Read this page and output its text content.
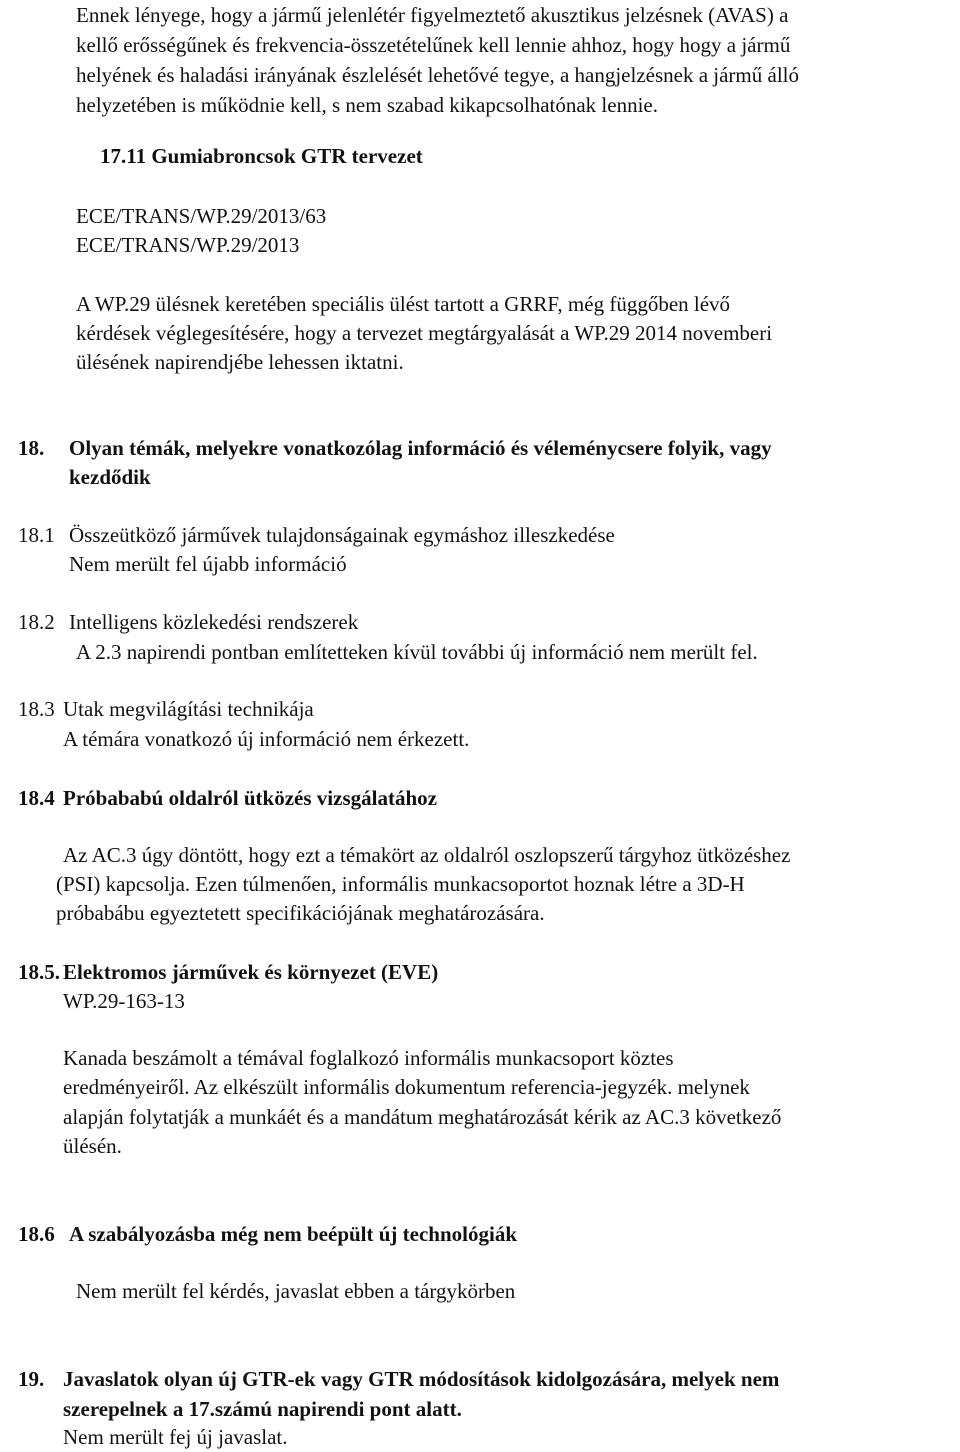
Ennek lényege, hogy a jármű jelenlétér figyelmeztető akusztikus jelzésnek (AVAS) a
kellő erősségűnek és frekvencia-összetételűnek kell lennie ahhoz, hogy hogy a jármű
helyének és haladási irányának észlelését lehetővé tegye, a hangjelzésnek a jármű álló
helyzetében is működnie kell, s nem szabad kikapcsolhatónak lennie.
17.11 Gumiabroncsok GTR tervezet
ECE/TRANS/WP.29/2013/63
ECE/TRANS/WP.29/2013
A WP.29 ülésnek keretében speciális ülést tartott a GRRF, még függőben lévő
kérdések véglegesítésére, hogy a tervezet megtárgyalását a WP.29 2014 novemberi
ülésének napirendjébe lehessen iktatni.
18. Olyan témák, melyekre vonatkozólag információ és véleménycsere folyik, vagy
kezdődik
18.1 Összeütköző járművek tulajdonságainak egymáshoz illeszkedése
Nem merült fel újabb információ
18.2 Intelligens közlekedési rendszerek
A 2.3 napirendi pontban említetteken kívül további új információ nem merült fel.
18.3 Utak megvilágítási technikája
A témára vonatkozó új információ nem érkezett.
18.4 Próbababú oldalról ütközés vizsgálatához
Az AC.3 úgy döntött, hogy ezt a témakört az oldalról oszlopszerű tárgyhoz ütközéshez
(PSI) kapcsolja. Ezen túlmenően, informális munkacsoportot hoznak létre a 3D-H
próbabábu egyeztetett specifikációjának meghatározására.
18.5. Elektromos járművek és környezet (EVE)
WP.29-163-13
Kanada beszámolt a témával foglalkozó informális munkacsoport köztes
eredményeiről. Az elkészült informális dokumentum referencia-jegyzék. melynek
alapján folytatják a munkáét és a mandátum meghatározását kérik az AC.3 következő
ülésén.
18.6 A szabályozásba még nem beépült új technológiák
Nem merült fel kérdés, javaslat ebben a tárgykörben
19. Javaslatok olyan új GTR-ek vagy GTR módosítások kidolgozására, melyek nem
szerepelnek a 17.számú napirendi pont alatt.
Nem merült fej új javaslat.
